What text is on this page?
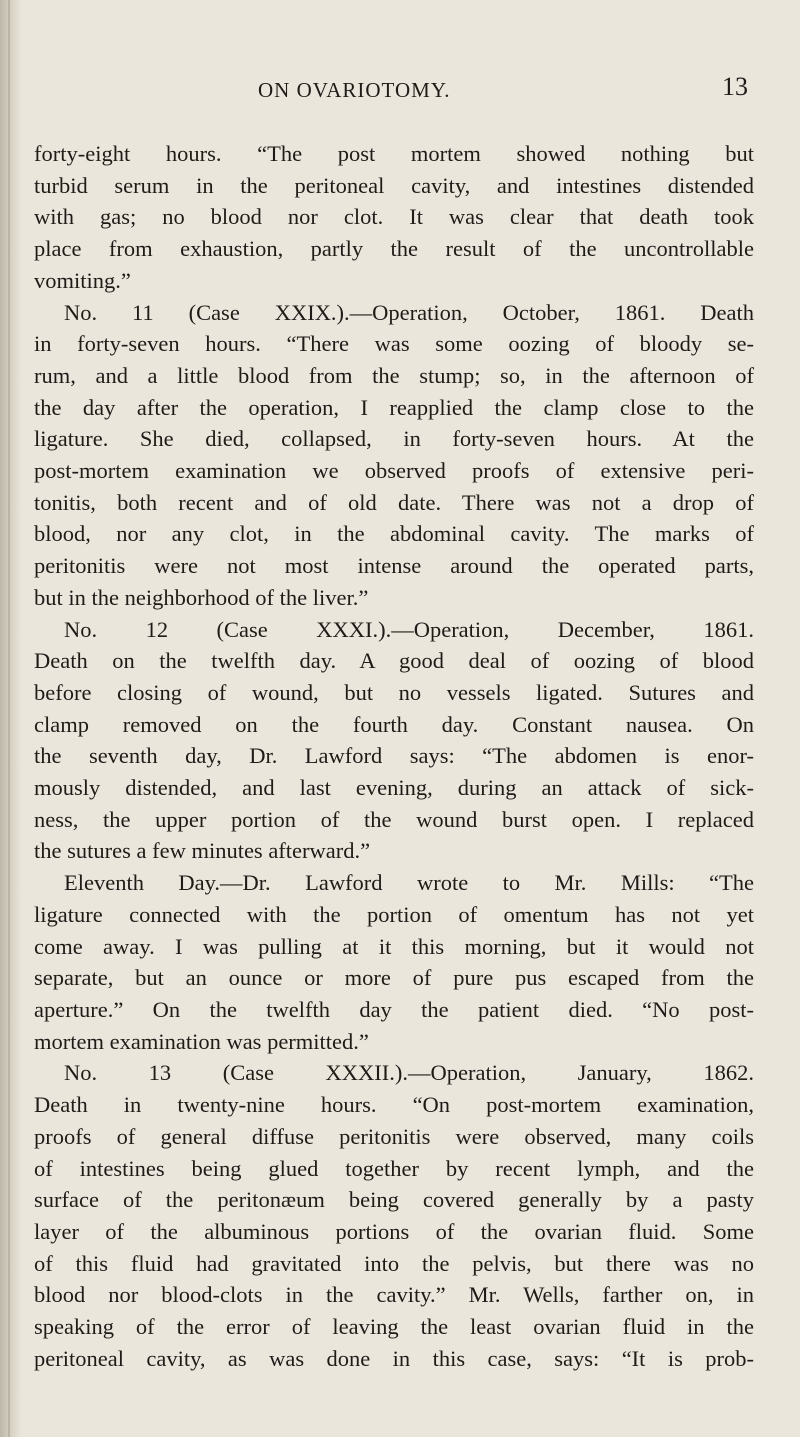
ON OVARIOTOMY.	13
forty-eight hours. “The post mortem showed nothing but
turbid serum in the peritoneal cavity, and intestines distended
with gas; no blood nor clot. It was clear that death took
place from exhaustion, partly the result of the uncontrollable
vomiting.”
No. 11 (Case XXIX.).—Operation, October, 1861. Death
in forty-seven hours. “There was some oozing of bloody se-
rum, and a little blood from the stump; so, in the afternoon of
the day after the operation, I reapplied the clamp close to the
ligature. She died, collapsed, in forty-seven hours. At the
post-mortem examination we observed proofs of extensive peri-
tonitis, both recent and of old date. There was not a drop of
blood, nor any clot, in the abdominal cavity. The marks of
peritonitis were not most intense around the operated parts,
but in the neighborhood of the liver.”
No. 12 (Case XXXI.).—Operation, December, 1861.
Death on the twelfth day. A good deal of oozing of blood
before closing of wound, but no vessels ligated. Sutures and
clamp removed on the fourth day. Constant nausea. On
the seventh day, Dr. Lawford says: “The abdomen is enor-
mously distended, and last evening, during an attack of sick-
ness, the upper portion of the wound burst open. I replaced
the sutures a few minutes afterward.”
Eleventh Day.—Dr. Lawford wrote to Mr. Mills: “The
ligature connected with the portion of omentum has not yet
come away. I was pulling at it this morning, but it would not
separate, but an ounce or more of pure pus escaped from the
aperture.” On the twelfth day the patient died. “No post-
mortem examination was permitted.”
No. 13 (Case XXXII.).—Operation, January, 1862.
Death in twenty-nine hours. “On post-mortem examination,
proofs of general diffuse peritonitis were observed, many coils
of intestines being glued together by recent lymph, and the
surface of the peritonæum being covered generally by a pasty
layer of the albuminous portions of the ovarian fluid. Some
of this fluid had gravitated into the pelvis, but there was no
blood nor blood-clots in the cavity.” Mr. Wells, farther on, in
speaking of the error of leaving the least ovarian fluid in the
peritoneal cavity, as was done in this case, says: “It is prob-
